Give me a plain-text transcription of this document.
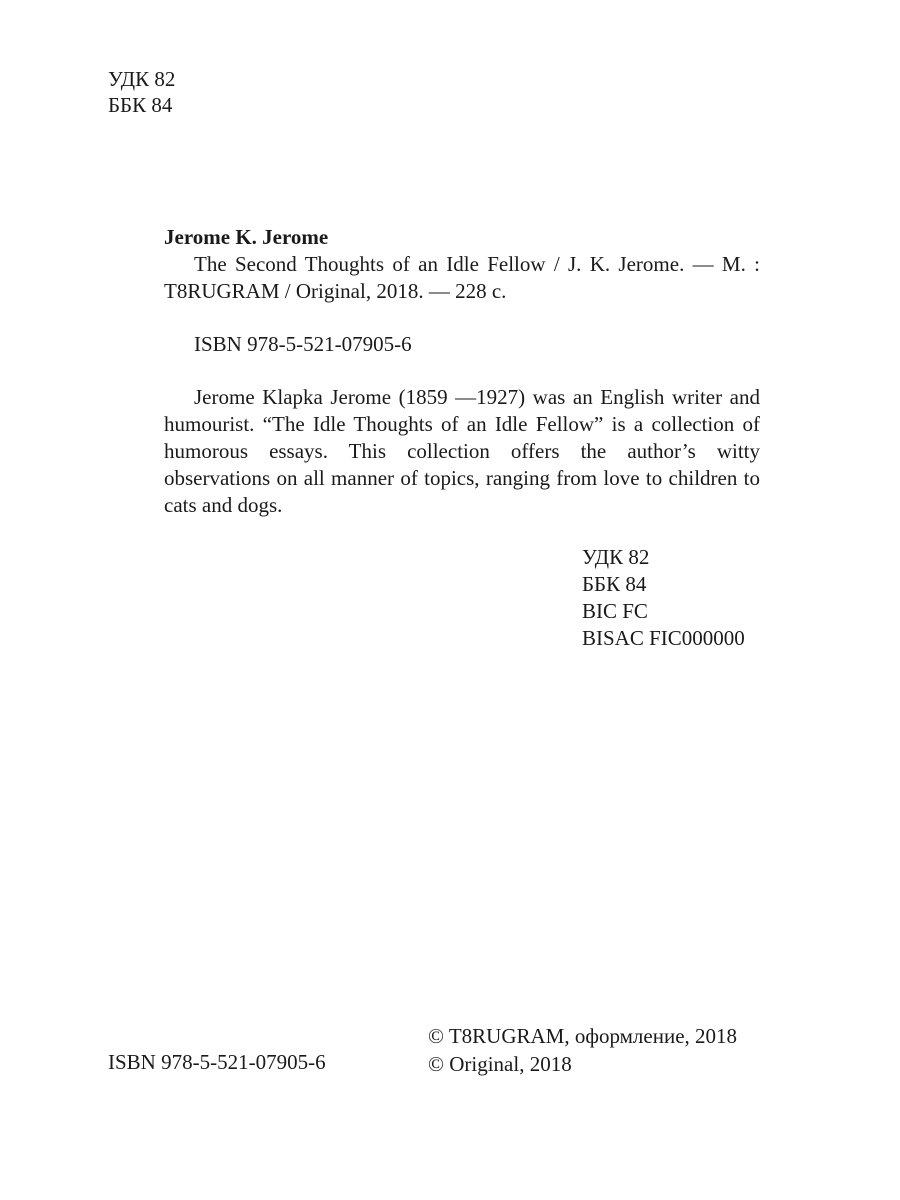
УДК 82
ББК 84

Jerome K. Jerome

The Second Thoughts of an Idle Fellow / J. K. Jerome. — M. : T8RUGRAM / Original, 2018. — 228 c.

ISBN 978-5-521-07905-6

Jerome Klapka Jerome (1859 —1927) was an English writer and humourist. “The Idle Thoughts of an Idle Fellow” is a collection of humorous essays. This collection offers the author’s witty observations on all manner of topics, ranging from love to children to cats and dogs.

УДК 82
ББК 84
BIC FC
BISAC FIC000000
ISBN 978-5-521-07905-6
© T8RUGRAM, оформление, 2018
© Original, 2018
